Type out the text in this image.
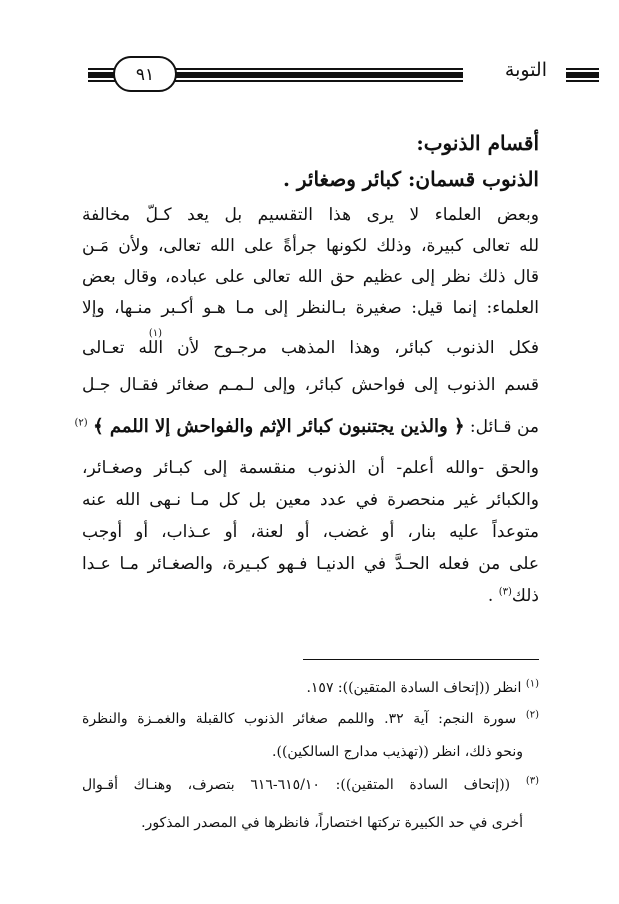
التوبة
٩١
أقسام الذنوب:
الذنوب قسمان: كبائر وصغائر .
وبعض العلماء لا يرى هذا التقسيم بل يعد كـلّ مخالفة
لله تعالى كبيرة، وذلك لكونها جرأةً على الله تعالى، ولأن مَـن
قال ذلك نظر إلى عظيم حق الله تعالى على عباده، وقال بعض
العلماء: إنما قيل: صغيرة بـالنظر إلى مـا هـو أكـبر منـها، وإلا
فكل الذنوب كبائر، وهذا المذهب مرجـوح لأن الله تعـالى
قسم الذنوب إلى فواحش كبائر، وإلى لـمـم صغائر فقـال جـل
(١)
من قـائل: ﴿ والذين يجتنبون كبائر الإثم والفواحش إلا اللمم ﴾ $^{(٢)}$
والحق -والله أعلم- أن الذنوب منقسمة إلى كبـائر وصغـائر،
والكبائر غير منحصرة في عدد معين بل كل مـا نـهى الله عنه
متوعداً عليه بنار، أو غضب، أو لعنة، أو عـذاب، أو أوجب
على من فعله الحـدَّ في الدنيـا فـهو كبـيرة، والصغـائر مـا عـدا
ذلك$^{(٣)}$ .
$^{(١)}$ انظر ((إتحاف السادة المتقين)): ١٥٧.
$^{(٢)}$ سورة النجم: آية ٣٢. واللمم صغائر الذنوب كالقبلة والغمـزة والنظرة
ونحو ذلك، انظر ((تهذيب مدارج السالكين)).
$^{(٣)}$ ((إتحاف السادة المتقين)): ٦١٥/١٠-٦١٦ بتصرف، وهنـاك أقـوال
أخرى في حد الكبيرة تركتها اختصاراً، فانظرها في المصدر المذكور.
